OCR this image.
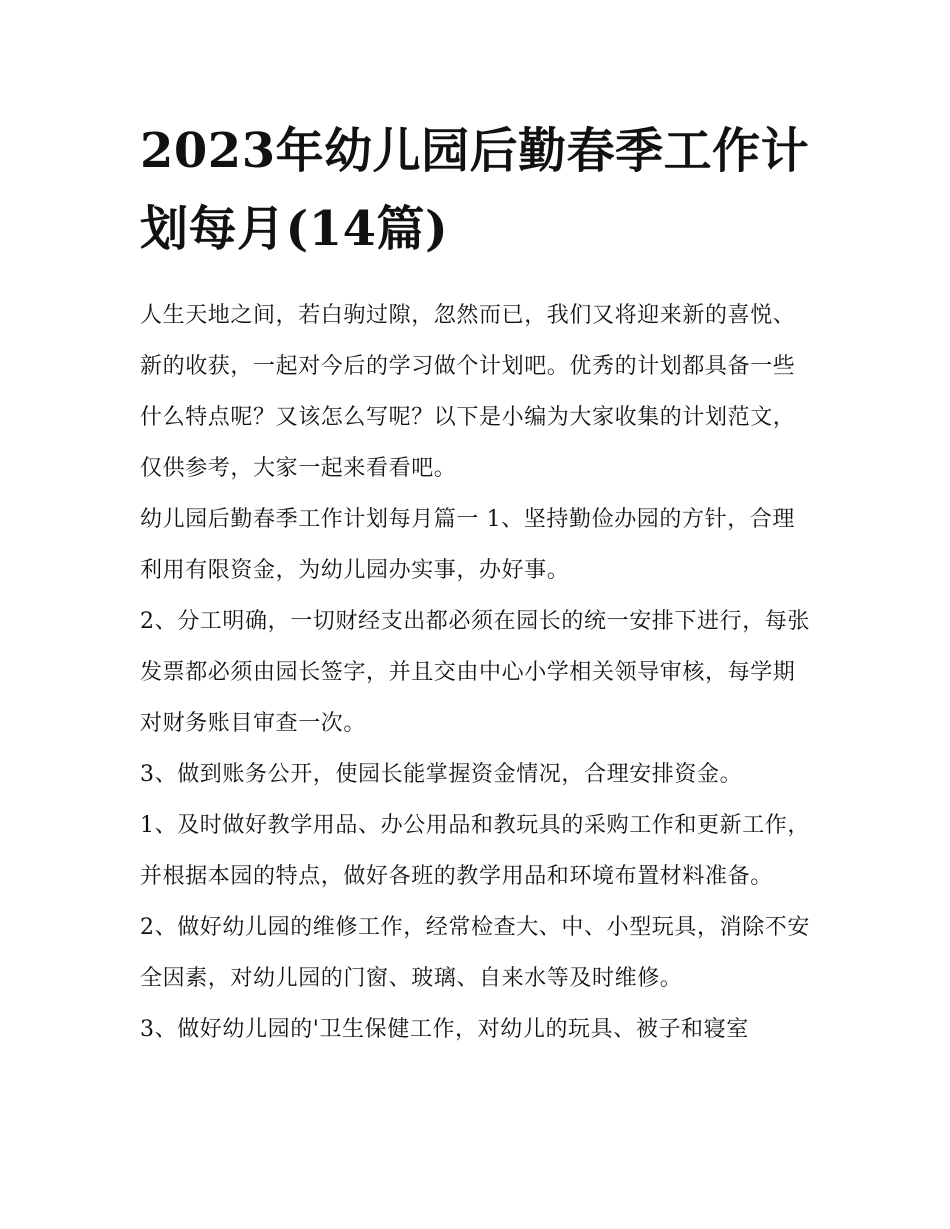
2023年幼儿园后勤春季工作计划每月(14篇)

人生天地之间，若白驹过隙，忽然而已，我们又将迎来新的喜悦、新的收获，一起对今后的学习做个计划吧。优秀的计划都具备一些什么特点呢？又该怎么写呢？以下是小编为大家收集的计划范文，仅供参考，大家一起来看看吧。

幼儿园后勤春季工作计划每月篇一 1、坚持勤俭办园的方针，合理利用有限资金，为幼儿园办实事，办好事。

2、分工明确，一切财经支出都必须在园长的统一安排下进行，每张发票都必须由园长签字，并且交由中心小学相关领导审核，每学期对财务账目审查一次。

3、做到账务公开，使园长能掌握资金情况，合理安排资金。

1、及时做好教学用品、办公用品和教玩具的采购工作和更新工作，并根据本园的特点，做好各班的教学用品和环境布置材料准备。

2、做好幼儿园的维修工作，经常检查大、中、小型玩具，消除不安全因素，对幼儿园的门窗、玻璃、自来水等及时维修。

3、做好幼儿园的'卫生保健工作，对幼儿的玩具、被子和寝室
